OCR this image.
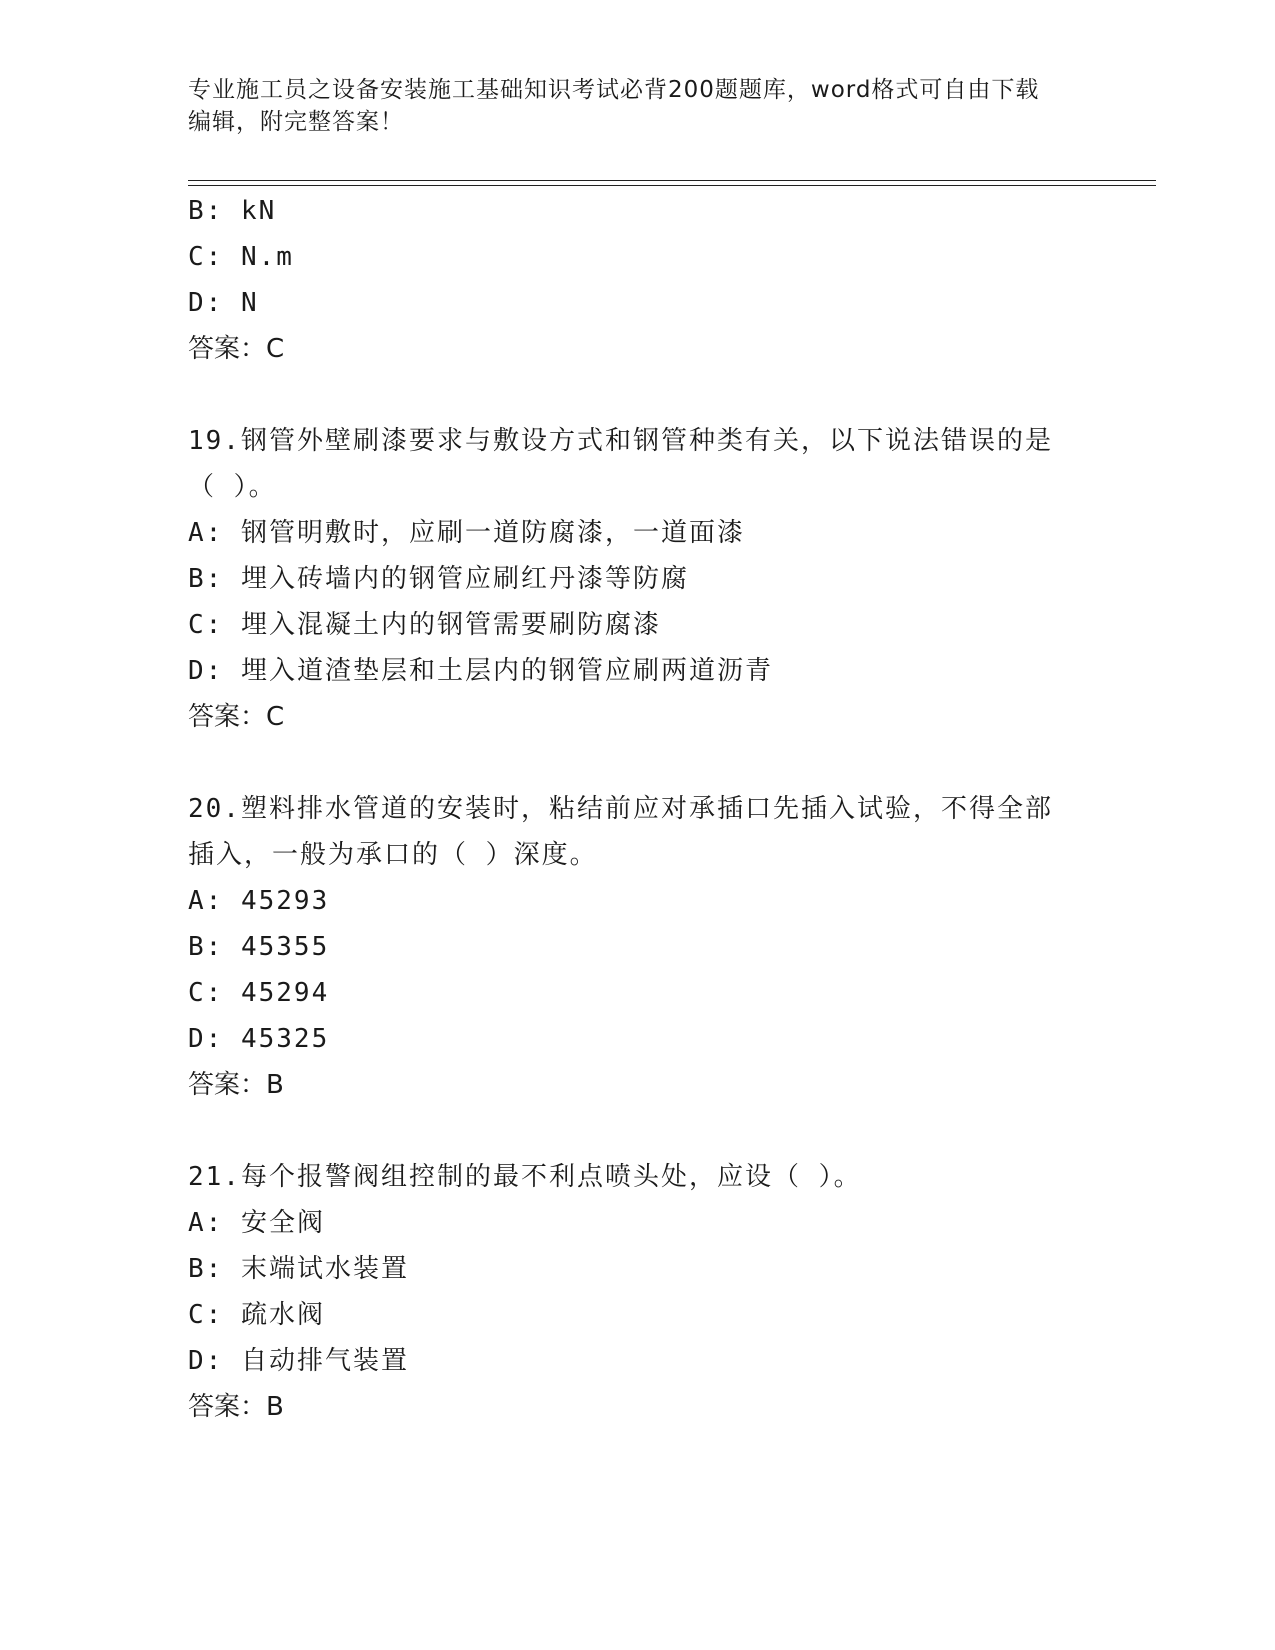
专业施工员之设备安装施工基础知识考试必背200题题库，word格式可自由下载
编辑，附完整答案！
B: kN
C: N.m
D: N
答案：C
19.钢管外壁刷漆要求与敷设方式和钢管种类有关，以下说法错误的是
（ ）。
A: 钢管明敷时，应刷一道防腐漆，一道面漆
B: 埋入砖墙内的钢管应刷红丹漆等防腐
C: 埋入混凝土内的钢管需要刷防腐漆
D: 埋入道渣垫层和土层内的钢管应刷两道沥青
答案：C
20.塑料排水管道的安装时，粘结前应对承插口先插入试验，不得全部
插入，一般为承口的（ ）深度。
A: 45293
B: 45355
C: 45294
D: 45325
答案：B
21.每个报警阀组控制的最不利点喷头处，应设（ ）。
A: 安全阀
B: 末端试水装置
C: 疏水阀
D: 自动排气装置
答案：B
